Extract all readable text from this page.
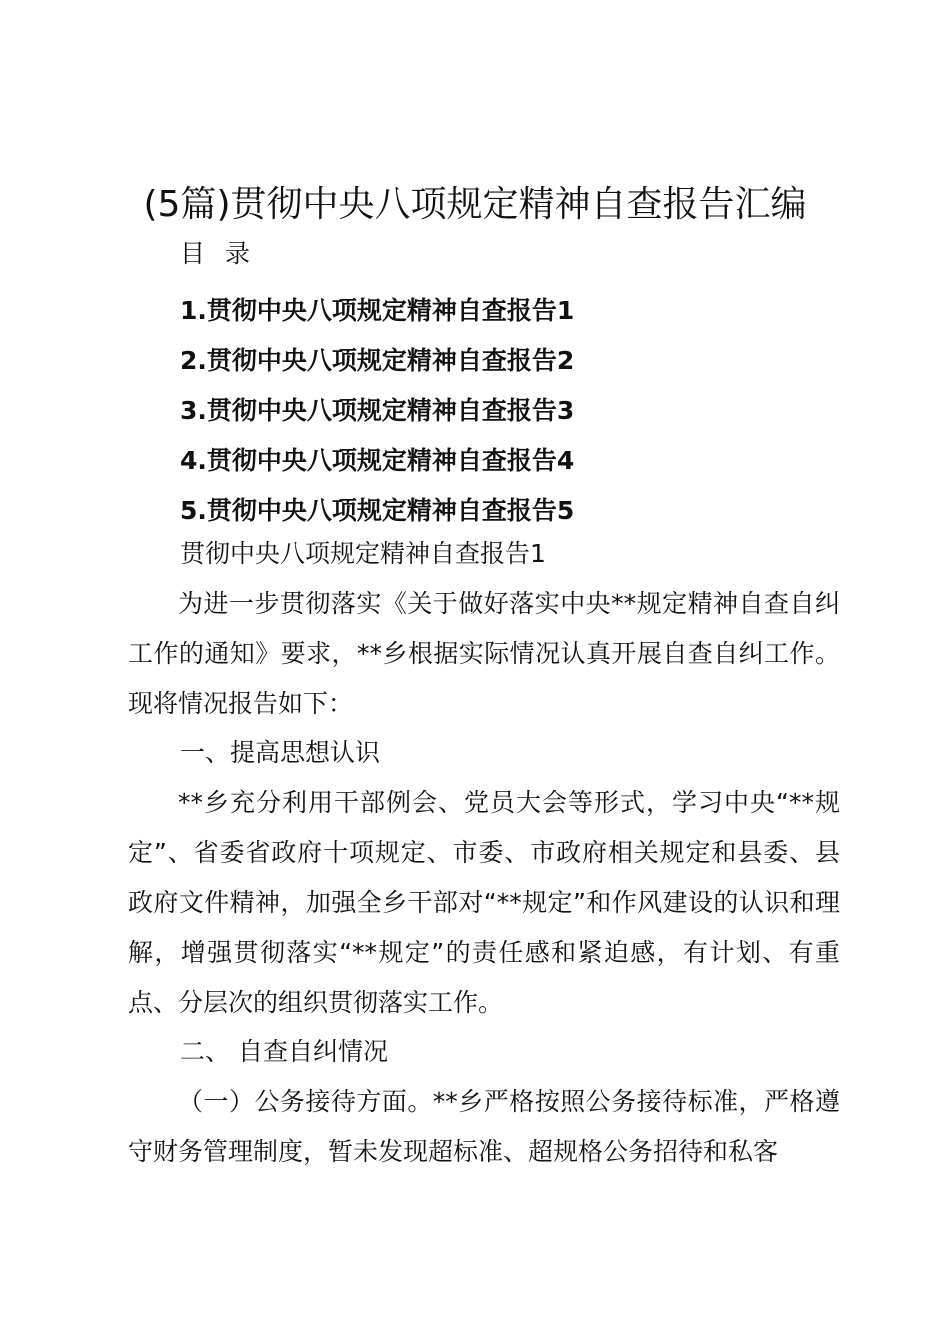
(5篇)贯彻中央八项规定精神自查报告汇编
目 录
1.贯彻中央八项规定精神自查报告1
2.贯彻中央八项规定精神自查报告2
3.贯彻中央八项规定精神自查报告3
4.贯彻中央八项规定精神自查报告4
5.贯彻中央八项规定精神自查报告5
贯彻中央八项规定精神自查报告1

为进一步贯彻落实《关于做好落实中央**规定精神自查自纠工作的通知》要求，**乡根据实际情况认真开展自查自纠工作。现将情况报告如下：

一、提高思想认识

**乡充分利用干部例会、党员大会等形式，学习中央“**规定”、省委省政府十项规定、市委、市政府相关规定和县委、县政府文件精神，加强全乡干部对“**规定”和作风建设的认识和理解，增强贯彻落实“**规定”的责任感和紧迫感，有计划、有重点、分层次的组织贯彻落实工作。

二、 自查自纠情况

（一）公务接待方面。**乡严格按照公务接待标准，严格遵守财务管理制度，暂未发现超标准、超规格公务招待和私客
